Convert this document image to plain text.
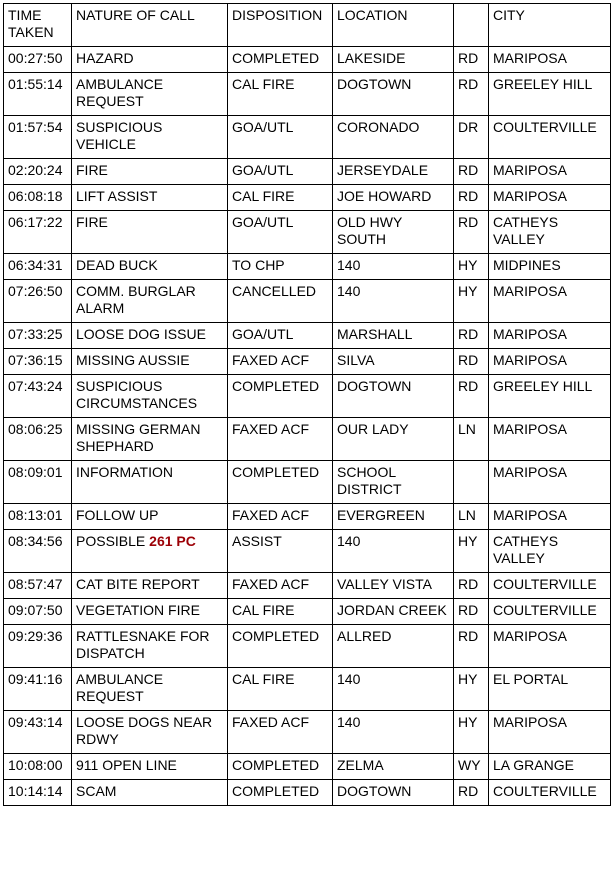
TIME TAKEN	NATURE OF CALL	DISPOSITION	LOCATION		CITY
00:27:50	HAZARD	COMPLETED	LAKESIDE	RD	MARIPOSA
01:55:14	AMBULANCE REQUEST	CAL FIRE	DOGTOWN	RD	GREELEY HILL
01:57:54	SUSPICIOUS VEHICLE	GOA/UTL	CORONADO	DR	COULTERVILLE
02:20:24	FIRE	GOA/UTL	JERSEYDALE	RD	MARIPOSA
06:08:18	LIFT ASSIST	CAL FIRE	JOE HOWARD	RD	MARIPOSA
06:17:22	FIRE	GOA/UTL	OLD HWY SOUTH	RD	CATHEYS VALLEY
06:34:31	DEAD BUCK	TO CHP	140	HY	MIDPINES
07:26:50	COMM. BURGLAR ALARM	CANCELLED	140	HY	MARIPOSA
07:33:25	LOOSE DOG ISSUE	GOA/UTL	MARSHALL	RD	MARIPOSA
07:36:15	MISSING AUSSIE	FAXED ACF	SILVA	RD	MARIPOSA
07:43:24	SUSPICIOUS CIRCUMSTANCES	COMPLETED	DOGTOWN	RD	GREELEY HILL
08:06:25	MISSING GERMAN SHEPHARD	FAXED ACF	OUR LADY	LN	MARIPOSA
08:09:01	INFORMATION	COMPLETED	SCHOOL DISTRICT		MARIPOSA
08:13:01	FOLLOW UP	FAXED ACF	EVERGREEN	LN	MARIPOSA
08:34:56	POSSIBLE 261 PC	ASSIST	140	HY	CATHEYS VALLEY
08:57:47	CAT BITE REPORT	FAXED ACF	VALLEY VISTA	RD	COULTERVILLE
09:07:50	VEGETATION FIRE	CAL FIRE	JORDAN CREEK	RD	COULTERVILLE
09:29:36	RATTLESNAKE FOR DISPATCH	COMPLETED	ALLRED	RD	MARIPOSA
09:41:16	AMBULANCE REQUEST	CAL FIRE	140	HY	EL PORTAL
09:43:14	LOOSE DOGS NEAR RDWY	FAXED ACF	140	HY	MARIPOSA
10:08:00	911 OPEN LINE	COMPLETED	ZELMA	WY	LA GRANGE
10:14:14	SCAM	COMPLETED	DOGTOWN	RD	COULTERVILLE
